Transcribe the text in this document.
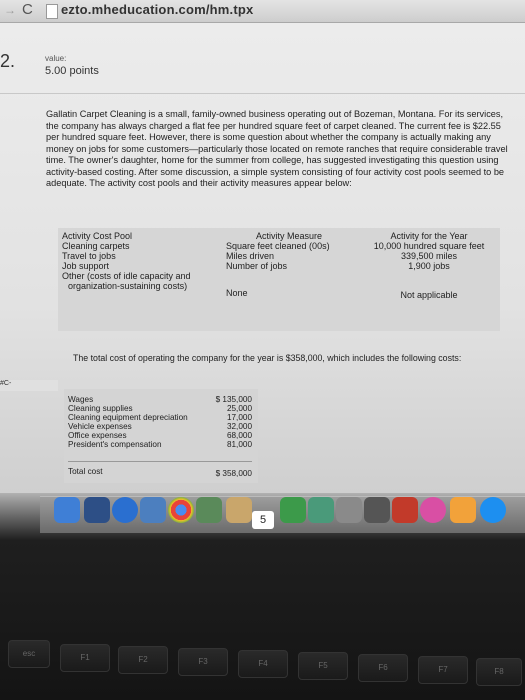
→ C ezto.mheducation.com/hm.tpx
2.	value:
5.00 points

Gallatin Carpet Cleaning is a small, family-owned business operating out of Bozeman, Montana. For its services, the company has always charged a flat fee per hundred square feet of carpet cleaned. The current fee is $22.55 per hundred square feet. However, there is some question about whether the company is actually making any money on jobs for some customers—particularly those located on remote ranches that require considerable travel time. The owner's daughter, home for the summer from college, has suggested investigating this question using activity-based costing. After some discussion, a simple system consisting of four activity cost pools seemed to be adequate. The activity cost pools and their activity measures appear below:

Activity Cost Pool	Activity Measure	Activity for the Year
Cleaning carpets	Square feet cleaned (00s)	10,000 hundred square feet
Travel to jobs	Miles driven	339,500 miles
Job support	Number of jobs	1,900 jobs
Other (costs of idle capacity and
organization-sustaining costs)
None	Not applicable
The total cost of operating the company for the year is $358,000, which includes the following costs:
#C-
Wages	$ 135,000
Cleaning supplies	25,000
Cleaning equipment depreciation	17,000
Vehicle expenses	32,000
Office expenses	68,000
President's compensation	81,000
Total cost	$ 358,000
5
esc	F1	F2	F3	F4	F5	F6	F7	F8
